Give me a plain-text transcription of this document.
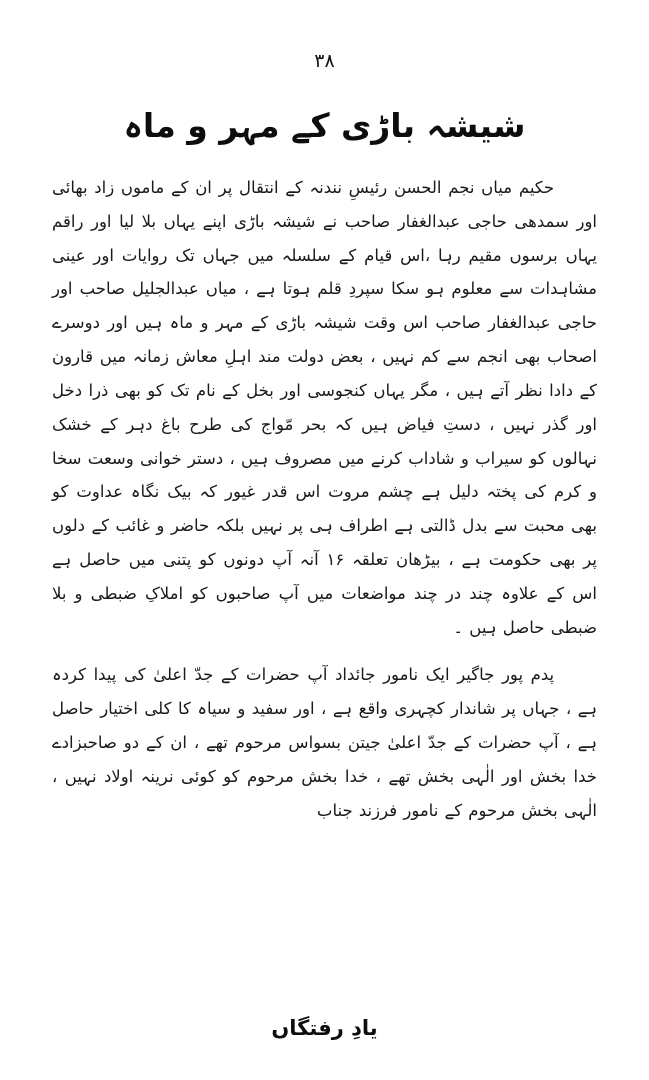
۳۸
شیشہ باڑی کے مہر و ماہ

حکیم میاں نجم الحسن رئیسِ نندنہ کے انتقال پر ان کے ماموں زاد بھائی اور سمدھی حاجی عبدالغفار صاحب نے شیشہ باڑی اپنے یہاں بلا لیا اور راقم یہاں برسوں مقیم رہا ،اس قیام کے سلسلہ میں جہاں تک روایات اور عینی مشاہدات سے معلوم ہو سکا سپردِ قلم ہوتا ہے ، میاں عبدالجلیل صاحب اور حاجی عبدالغفار صاحب اس وقت شیشہ باڑی کے مہر و ماہ ہیں اور دوسرے اصحاب بھی انجم سے کم نہیں ، بعض دولت مند اہلِ معاش زمانہ میں قارون کے دادا نظر آتے ہیں ، مگر یہاں کنجوسی اور بخل کے نام تک کو بھی ذرا دخل اور گذر نہیں ، دستِ فیاض ہیں کہ بحر مّواج کی طرح باغ دہر کے خشک نہالوں کو سیراب و شاداب کرنے میں مصروف ہیں ، دستر خوانی وسعت سخا و کرم کی پختہ دلیل ہے چشم مروت اس قدر غیور کہ بیک نگاہ عداوت کو بھی محبت سے بدل ڈالتی ہے اطراف ہی پر نہیں بلکہ حاضر و غائب کے دلوں پر بھی حکومت ہے ، بیڑھان تعلقہ ۱۶ آنہ آپ دونوں کو پتنی میں حاصل ہے اس کے علاوہ چند در چند مواضعات میں آپ صاحبوں کو املاکِ ضبطی و بلا ضبطی حاصل ہیں ۔

پدم پور جاگیر ایک نامور جائداد آپ حضرات کے جدّ اعلیٰ کی پیدا کردہ ہے ، جہاں پر شاندار کچہری واقع ہے ، اور سفید و سیاہ کا کلی اختیار حاصل ہے ، آپ حضرات کے جدّ اعلیٰ جیتن بسواس مرحوم تھے ، ان کے دو صاحبزادے خدا بخش اور الٰہی بخش تھے ، خدا بخش مرحوم کو کوئی نرینہ اولاد نہیں ، الٰہی بخش مرحوم کے نامور فرزند جناب

یادِ رفتگاں
